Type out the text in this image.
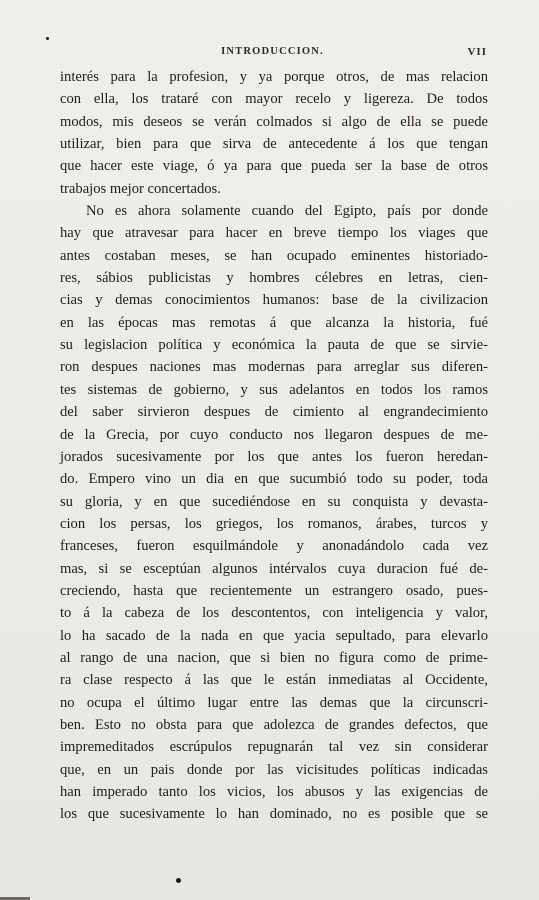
INTRODUCCION.	VII
interés para la profesion, y ya porque otros, de mas relacion
con ella, los trataré con mayor recelo y ligereza. De todos
modos, mis deseos se verán colmados si algo de ella se puede
utilizar, bien para que sirva de antecedente á los que tengan
que hacer este viage, ó ya para que pueda ser la base de otros
trabajos mejor concertados.
No es ahora solamente cuando del Egipto, país por donde
hay que atravesar para hacer en breve tiempo los viages que
antes costaban meses, se han ocupado eminentes historiado-
res, sábios publicistas y hombres célebres en letras, cien-
cias y demas conocimientos humanos: base de la civilizacion
en las épocas mas remotas á que alcanza la historia, fué
su legislacion política y económica la pauta de que se sirvie-
ron despues naciones mas modernas para arreglar sus diferen-
tes sistemas de gobierno, y sus adelantos en todos los ramos
del saber sirvieron despues de cimiento al engrandecimiento
de la Grecia, por cuyo conducto nos llegaron despues de me-
jorados sucesivamente por los que antes los fueron heredan-
do. Empero vino un dia en que sucumbió todo su poder, toda
su gloria, y en que sucediéndose en su conquista y devasta-
cion los persas, los griegos, los romanos, árabes, turcos y
franceses, fueron esquilmándole y anonadándolo cada vez
mas, si se esceptúan algunos intérvalos cuya duracion fué de-
creciendo, hasta que recientemente un estrangero osado, pues-
to á la cabeza de los descontentos, con inteligencia y valor,
lo ha sacado de la nada en que yacia sepultado, para elevarlo
al rango de una nacion, que si bien no figura como de prime-
ra clase respecto á las que le están inmediatas al Occidente,
no ocupa el último lugar entre las demas que la circunscri-
ben. Esto no obsta para que adolezca de grandes defectos, que
impremeditados escrúpulos repugnarán tal vez sin considerar
que, en un pais donde por las vicisitudes políticas indicadas
han imperado tanto los vicios, los abusos y las exigencias de
los que sucesivamente lo han dominado, no es posible que se
